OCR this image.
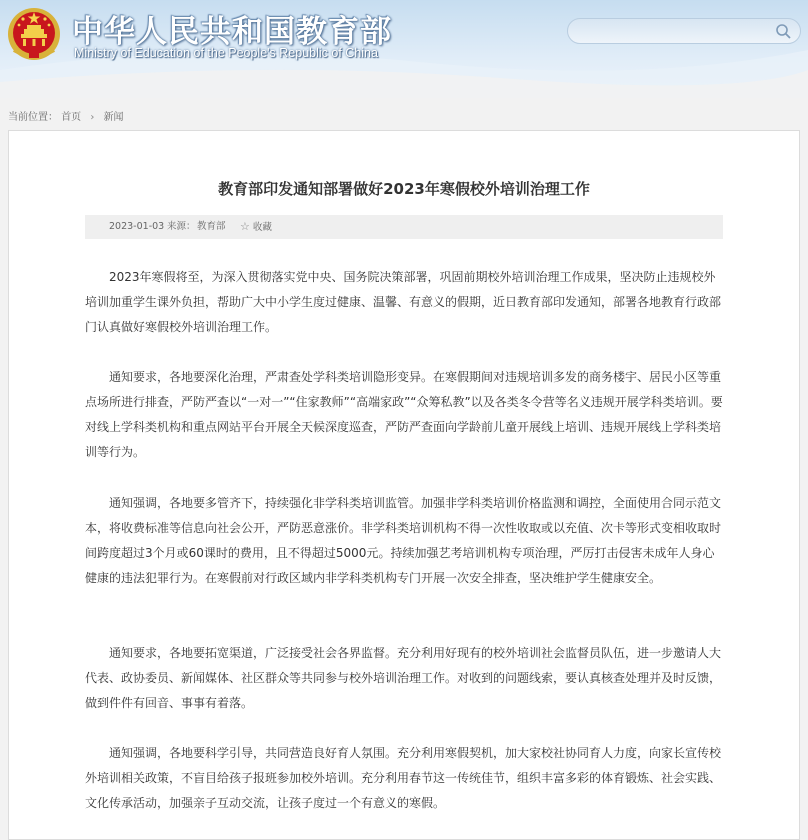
中华人民共和国教育部
Ministry of Education of the People's Republic of China
当前位置： 首页 › 新闻
教育部印发通知部署做好2023年寒假校外培训治理工作
2023-01-03 来源： 教育部 ☆ 收藏

2023年寒假将至，为深入贯彻落实党中央、国务院决策部署，巩固前期校外培训治理工作成果，坚决防止违规校外培训加重学生课外负担，帮助广大中小学生度过健康、温馨、有意义的假期，近日教育部印发通知，部署各地教育行政部门认真做好寒假校外培训治理工作。

通知要求，各地要深化治理，严肃查处学科类培训隐形变异。在寒假期间对违规培训多发的商务楼宇、居民小区等重点场所进行排查，严防严查以“一对一”“住家教师”“高端家政”“众筹私教”以及各类冬令营等名义违规开展学科类培训。要对线上学科类机构和重点网站平台开展全天候深度巡查，严防严查面向学龄前儿童开展线上培训、违规开展线上学科类培训等行为。

通知强调，各地要多管齐下，持续强化非学科类培训监管。加强非学科类培训价格监测和调控，全面使用合同示范文本，将收费标准等信息向社会公开，严防恶意涨价。非学科类培训机构不得一次性收取或以充值、次卡等形式变相收取时间跨度超过3个月或60课时的费用，且不得超过5000元。持续加强艺考培训机构专项治理，严厉打击侵害未成年人身心健康的违法犯罪行为。在寒假前对行政区域内非学科类机构专门开展一次安全排查，坚决维护学生健康安全。

通知要求，各地要拓宽渠道，广泛接受社会各界监督。充分利用好现有的校外培训社会监督员队伍，进一步邀请人大代表、政协委员、新闻媒体、社区群众等共同参与校外培训治理工作。对收到的问题线索，要认真核查处理并及时反馈，做到件件有回音、事事有着落。

通知强调，各地要科学引导，共同营造良好育人氛围。充分利用寒假契机，加大家校社协同育人力度，向家长宣传校外培训相关政策，不盲目给孩子报班参加校外培训。充分利用春节这一传统佳节，组织丰富多彩的体育锻炼、社会实践、文化传承活动，加强亲子互动交流，让孩子度过一个有意义的寒假。
